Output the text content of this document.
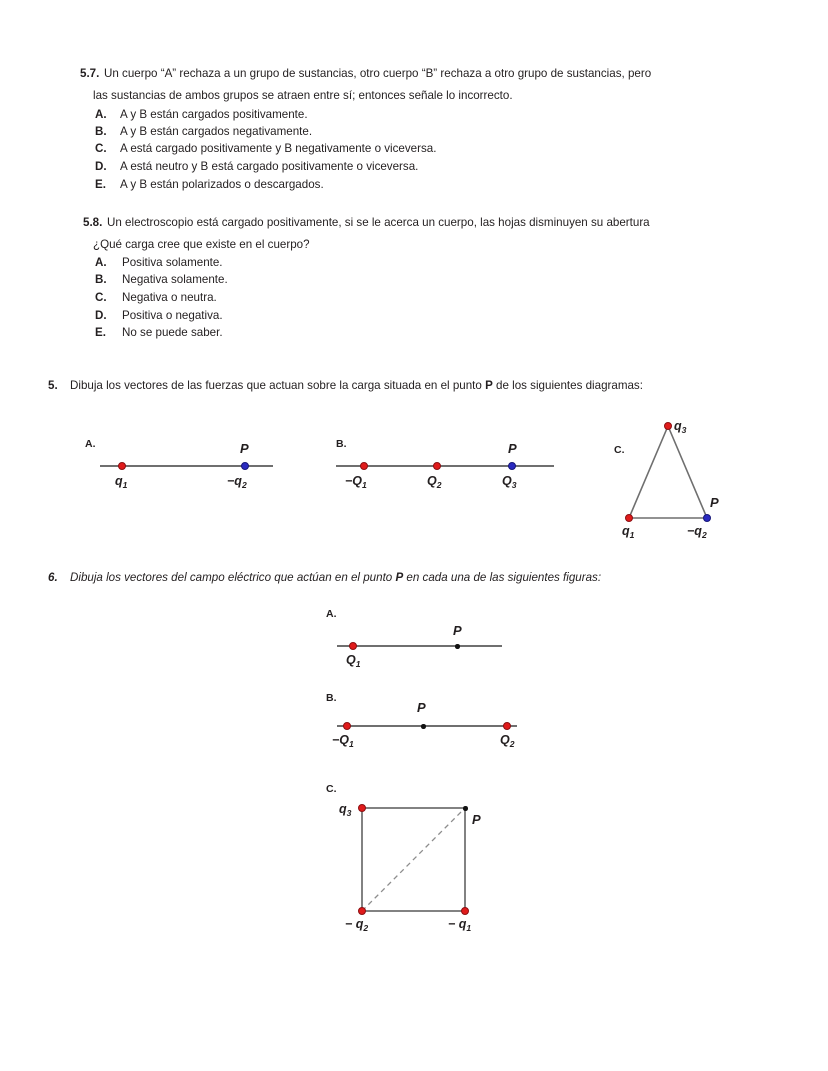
5.7. Un cuerpo “A” rechaza a un grupo de sustancias, otro cuerpo “B” rechaza a otro grupo de sustancias, pero
las sustancias de ambos grupos se atraen entre sí; entonces señale lo incorrecto.
A. A y B están cargados positivamente.
B. A y B están cargados negativamente.
C. A está cargado positivamente y B negativamente o viceversa.
D. A está neutro y B está cargado positivamente o viceversa.
E. A y B están polarizados o descargados.
5.8. Un electroscopio está cargado positivamente, si se le acerca un cuerpo, las hojas disminuyen su abertura
¿Qué carga cree que existe en el cuerpo?
A. Positiva solamente.
B. Negativa solamente.
C. Negativa o neutra.
D. Positiva o negativa.
E. No se puede saber.
5. Dibuja los vectores de las fuerzas que actuan sobre la carga situada en el punto P de los siguientes diagramas:
A.
$q_1$	$-q_2$
P	B.
$-Q_1$	$Q_2$	$Q_3$
P	C.
$q_3$
$q_1$	$-q_2$
P
6. Dibuja los vectores del campo eléctrico que actúan en el punto P en cada una de las siguientes figuras:
A.
$Q_1$
P
B.
$-Q_1$	$Q_2$
P
C.
$q_3$
− $q_2$	− $q_1$
P
